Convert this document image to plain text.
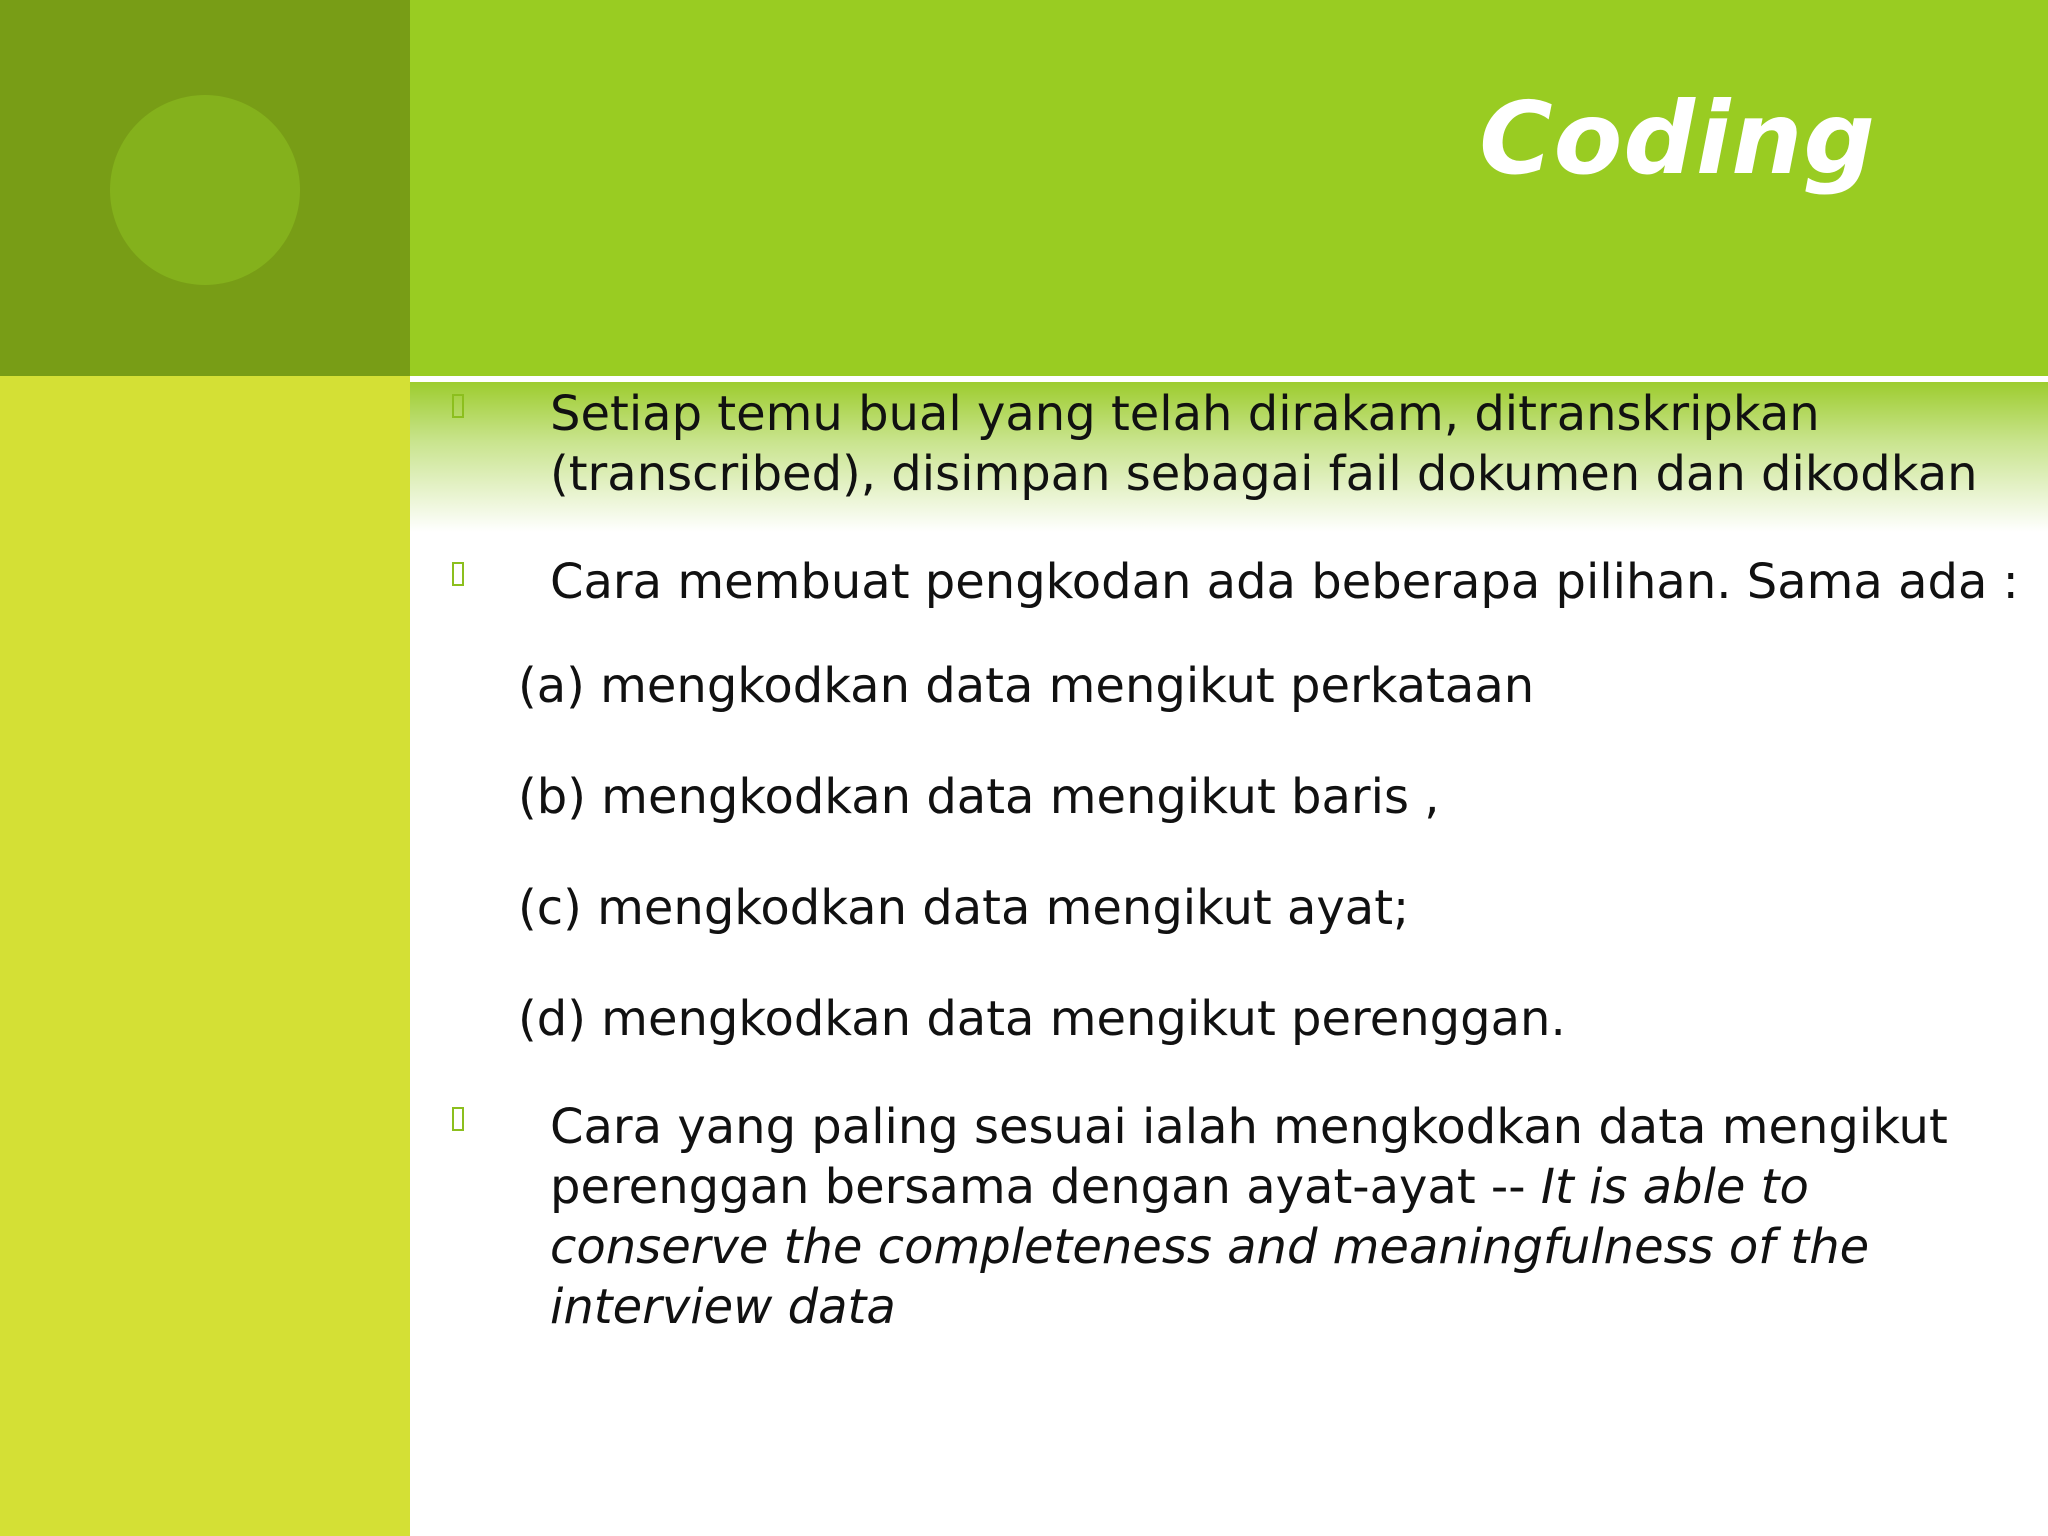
Coding

Setiap temu bual yang telah dirakam, ditranskripkan (transcribed), disimpan sebagai fail dokumen dan dikodkan

Cara membuat pengkodan ada beberapa pilihan. Sama ada :

(a) mengkodkan data mengikut perkataan

(b) mengkodkan data mengikut baris ,

(c) mengkodkan data mengikut ayat;

(d) mengkodkan data mengikut perenggan.

Cara yang paling sesuai ialah mengkodkan data mengikut perenggan bersama dengan ayat-ayat -- It is able to conserve the completeness and meaningfulness of the interview data
